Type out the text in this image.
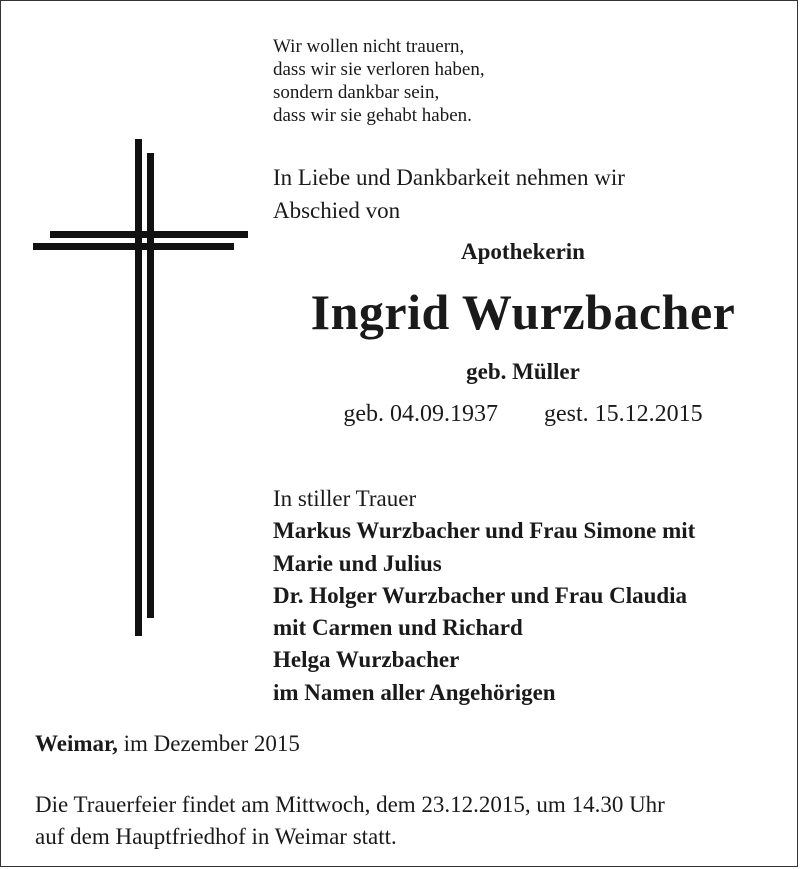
Wir wollen nicht trauern,
dass wir sie verloren haben,
sondern dankbar sein,
dass wir sie gehabt haben.
In Liebe und Dankbarkeit nehmen wir
Abschied von
Apothekerin
Ingrid Wurzbacher
geb. Müller
geb. 04.09.1937 gest. 15.12.2015
In stiller Trauer
Markus Wurzbacher und Frau Simone mit
Marie und Julius
Dr. Holger Wurzbacher und Frau Claudia
mit Carmen und Richard
Helga Wurzbacher
im Namen aller Angehörigen
Weimar, im Dezember 2015
Die Trauerfeier findet am Mittwoch, dem 23.12.2015, um 14.30 Uhr
auf dem Hauptfriedhof in Weimar statt.
